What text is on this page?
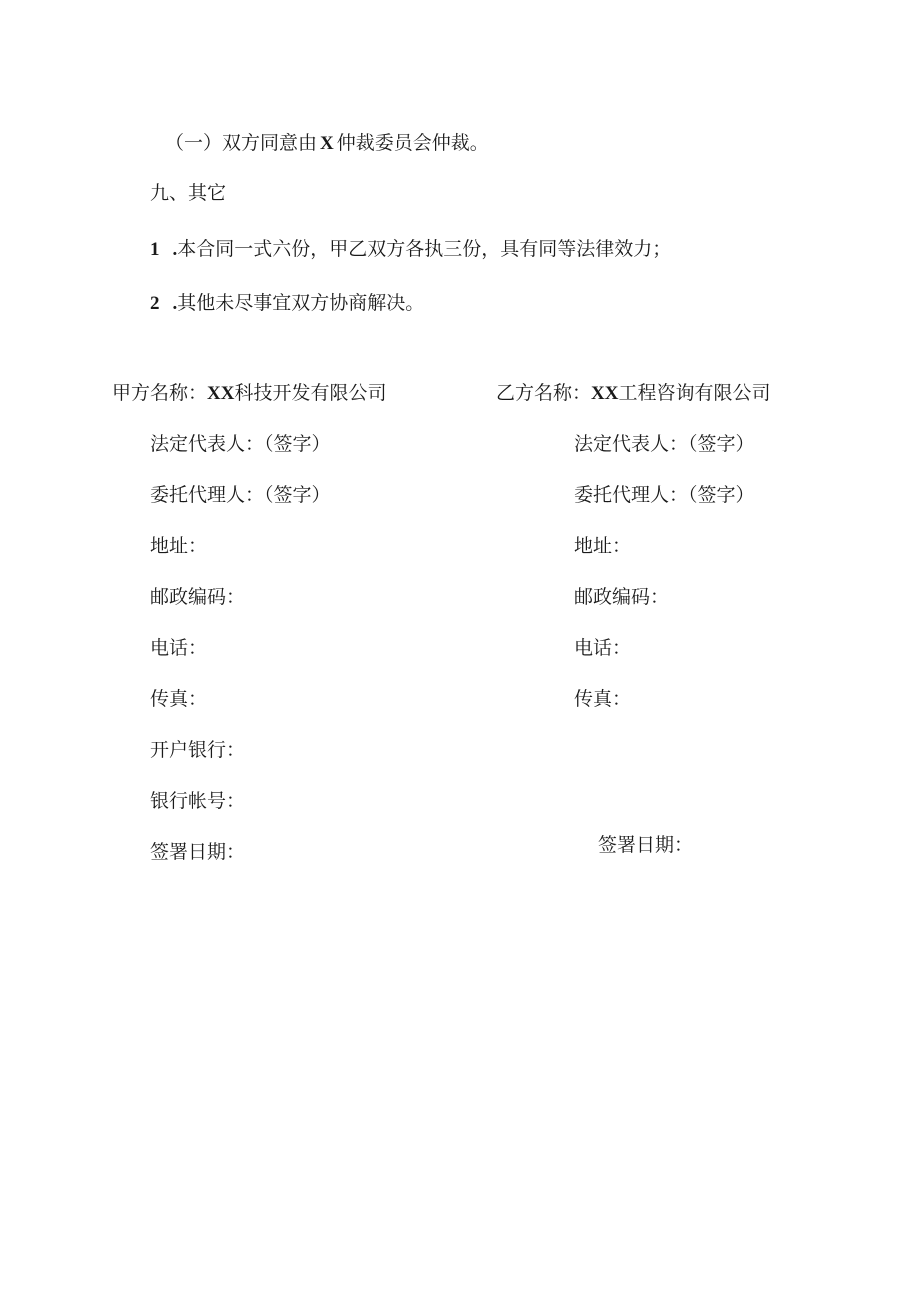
（一）双方同意由 X 仲裁委员会仲裁。
九、其它
1 .本合同一式六份，甲乙双方各执三份，具有同等法律效力；
2 .其他未尽事宜双方协商解决。
甲方名称：XX科技开发有限公司
法定代表人：（签字）
委托代理人：（签字）
地址：
邮政编码：
电话：
传真：
开户银行：
银行帐号：
签署日期：
乙方名称：XX工程咨询有限公司
法定代表人：（签字）
委托代理人：（签字）
地址：
邮政编码：
电话：
传真：
签署日期：
